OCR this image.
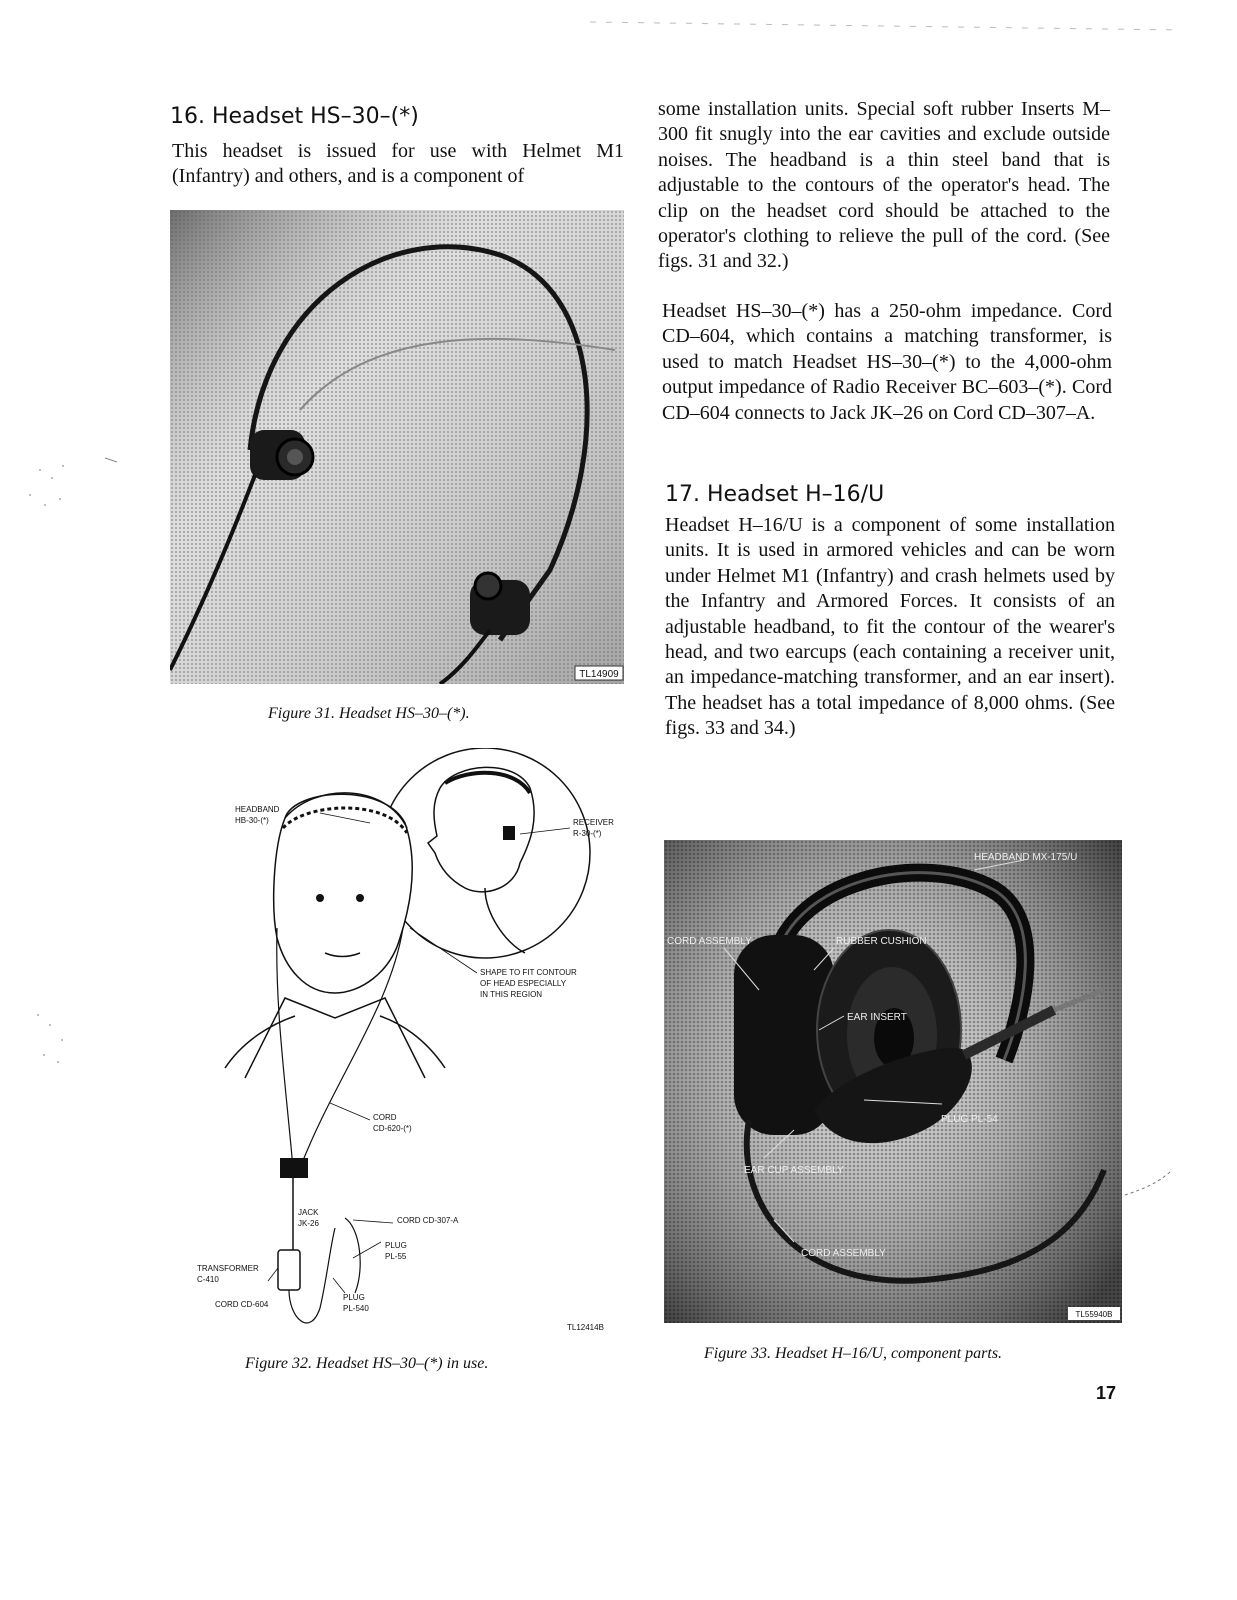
16. Headset HS–30–(*)
This headset is issued for use with Helmet M1 (Infantry) and others, and is a component of
TL14909
Figure 31. Headset HS–30–(*).
HEADBAND
HB-30-(*)	RECEIVER
R-30-(*)
SHAPE TO FIT CONTOUR
OF HEAD ESPECIALLY
IN THIS REGION
CORD
CD-620-(*)
JACK
JK-26	CORD CD-307-A
PLUG
PL-55
TRANSFORMER
C-410
CORD CD-604
PLUG
PL-540
TL12414B
Figure 32. Headset HS–30–(*) in use.
some installation units. Special soft rubber Inserts M–300 fit snugly into the ear cavities and exclude outside noises. The headband is a thin steel band that is adjustable to the contours of the operator's head. The clip on the headset cord should be attached to the operator's clothing to relieve the pull of the cord. (See figs. 31 and 32.)
Headset HS–30–(*) has a 250-ohm impedance. Cord CD–604, which contains a matching transformer, is used to match Headset HS–30–(*) to the 4,000-ohm output impedance of Radio Receiver BC–603–(*). Cord CD–604 connects to Jack JK–26 on Cord CD–307–A.
17. Headset H–16/U
Headset H–16/U is a component of some installation units. It is used in armored vehicles and can be worn under Helmet M1 (Infantry) and crash helmets used by the Infantry and Armored Forces. It consists of an adjustable headband, to fit the contour of the wearer's head, and two earcups (each containing a receiver unit, an impedance-matching transformer, and an ear insert). The headset has a total impedance of 8,000 ohms. (See figs. 33 and 34.)
HEADBAND MX-175/U
CORD ASSEMBLY	RUBBER CUSHION
EAR INSERT
PLUG PL-54
EAR CUP ASSEMBLY
CORD ASSEMBLY
TL55940B
Figure 33. Headset H–16/U, component parts.
17
